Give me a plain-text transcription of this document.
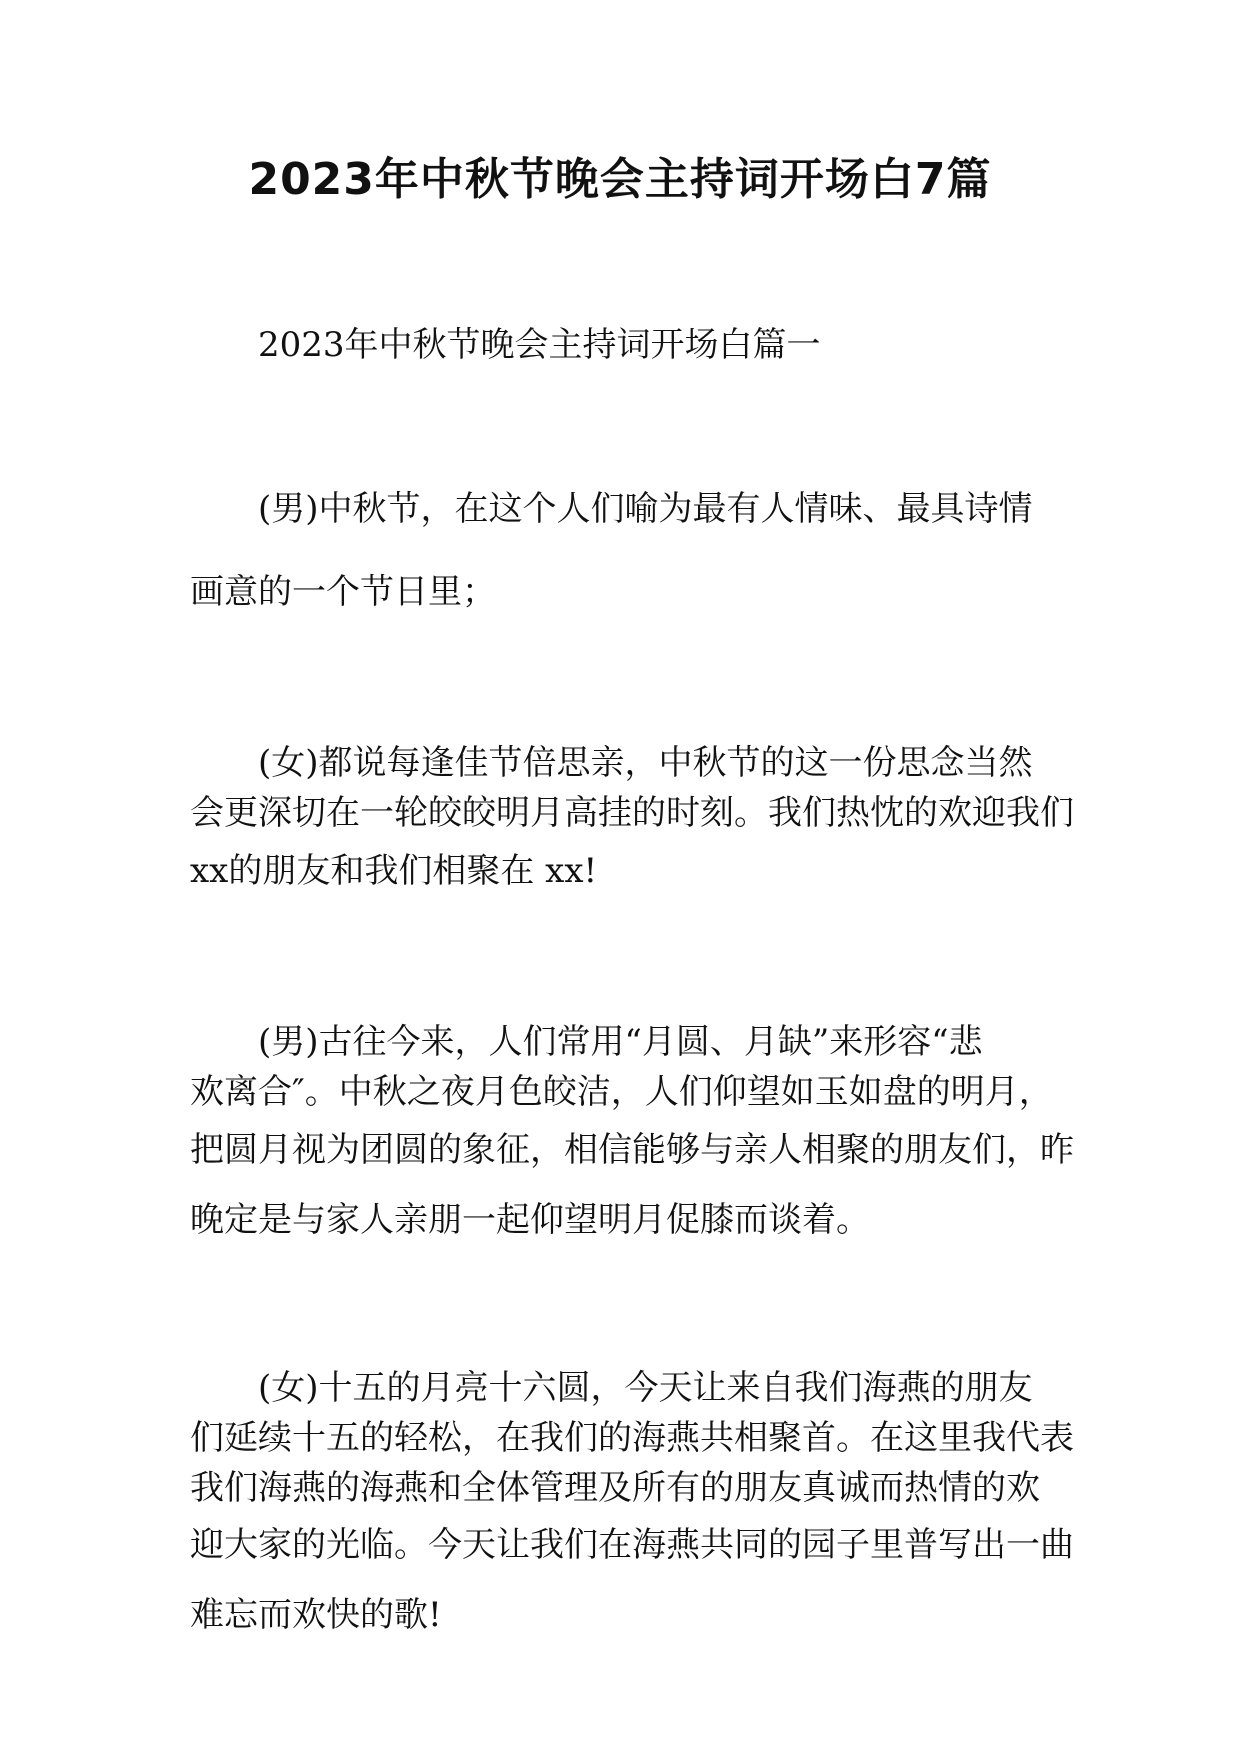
2023年中秋节晚会主持词开场白7篇

2023年中秋节晚会主持词开场白篇一

(男)中秋节，在这个人们喻为最有人情味、最具诗情

画意的一个节日里；

(女)都说每逢佳节倍思亲，中秋节的这一份思念当然

会更深切在一轮皎皎明月高挂的时刻。我们热忱的欢迎我们

xx的朋友和我们相聚在 xx!

(男)古往今来，人们常用“月圆、月缺”来形容“悲

欢离合″。中秋之夜月色皎洁，人们仰望如玉如盘的明月，

把圆月视为团圆的象征，相信能够与亲人相聚的朋友们，昨

晚定是与家人亲朋一起仰望明月促膝而谈着。

(女)十五的月亮十六圆，今天让来自我们海燕的朋友

们延续十五的轻松，在我们的海燕共相聚首。在这里我代表

我们海燕的海燕和全体管理及所有的朋友真诚而热情的欢

迎大家的光临。今天让我们在海燕共同的园子里普写出一曲

难忘而欢快的歌!
